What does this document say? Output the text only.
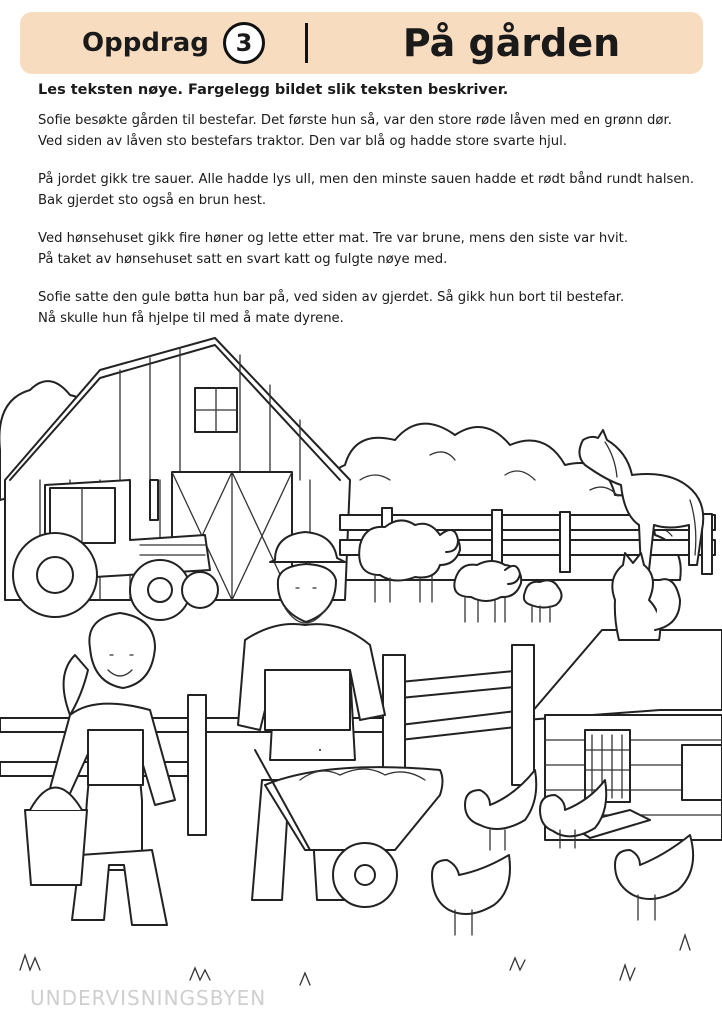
Oppdrag	3	På gården
Les teksten nøye. Fargelegg bildet slik teksten beskriver.

Sofie besøkte gården til bestefar. Det første hun så, var den store røde låven med en grønn dør.
Ved siden av låven sto bestefars traktor. Den var blå og hadde store svarte hjul.

På jordet gikk tre sauer. Alle hadde lys ull, men den minste sauen hadde et rødt bånd rundt halsen.
Bak gjerdet sto også en brun hest.

Ved hønsehuset gikk fire høner og lette etter mat. Tre var brune, mens den siste var hvit.
På taket av hønsehuset satt en svart katt og fulgte nøye med.

Sofie satte den gule bøtta hun bar på, ved siden av gjerdet. Så gikk hun bort til bestefar.
Nå skulle hun få hjelpe til med å mate dyrene.

UNDERVISNINGSBYEN
